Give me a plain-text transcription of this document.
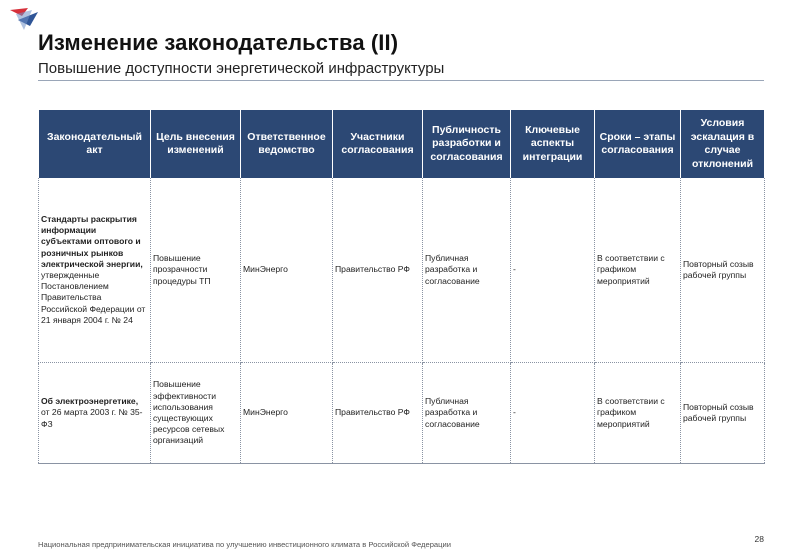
Изменение законодательства (II)
Повышение доступности энергетической инфраструктуры
Законодательный акт	Цель внесения изменений	Ответственное ведомство	Участники согласования	Публичность разработки и согласования	Ключевые аспекты интеграции	Сроки – этапы согласования	Условия эскалация в случае отклонений
Стандарты раскрытия информации субъектами оптового и розничных рынков электрической энергии, утвержденные Постановлением Правительства Российской Федерации от 21 января 2004 г. № 24	Повышение прозрачности процедуры ТП	МинЭнерго	Правительство РФ	Публичная разработка и согласование	-	В соответствии с графиком мероприятий	Повторный созыв рабочей группы
Об электроэнергетике, от 26 марта 2003 г. № 35-ФЗ	Повышение эффективности использования существующих ресурсов сетевых организаций	МинЭнерго	Правительство РФ	Публичная разработка и согласование	-	В соответствии с графиком мероприятий	Повторный созыв рабочей группы
28
Национальная предпринимательская инициатива по улучшению инвестиционного климата в Российской Федерации
